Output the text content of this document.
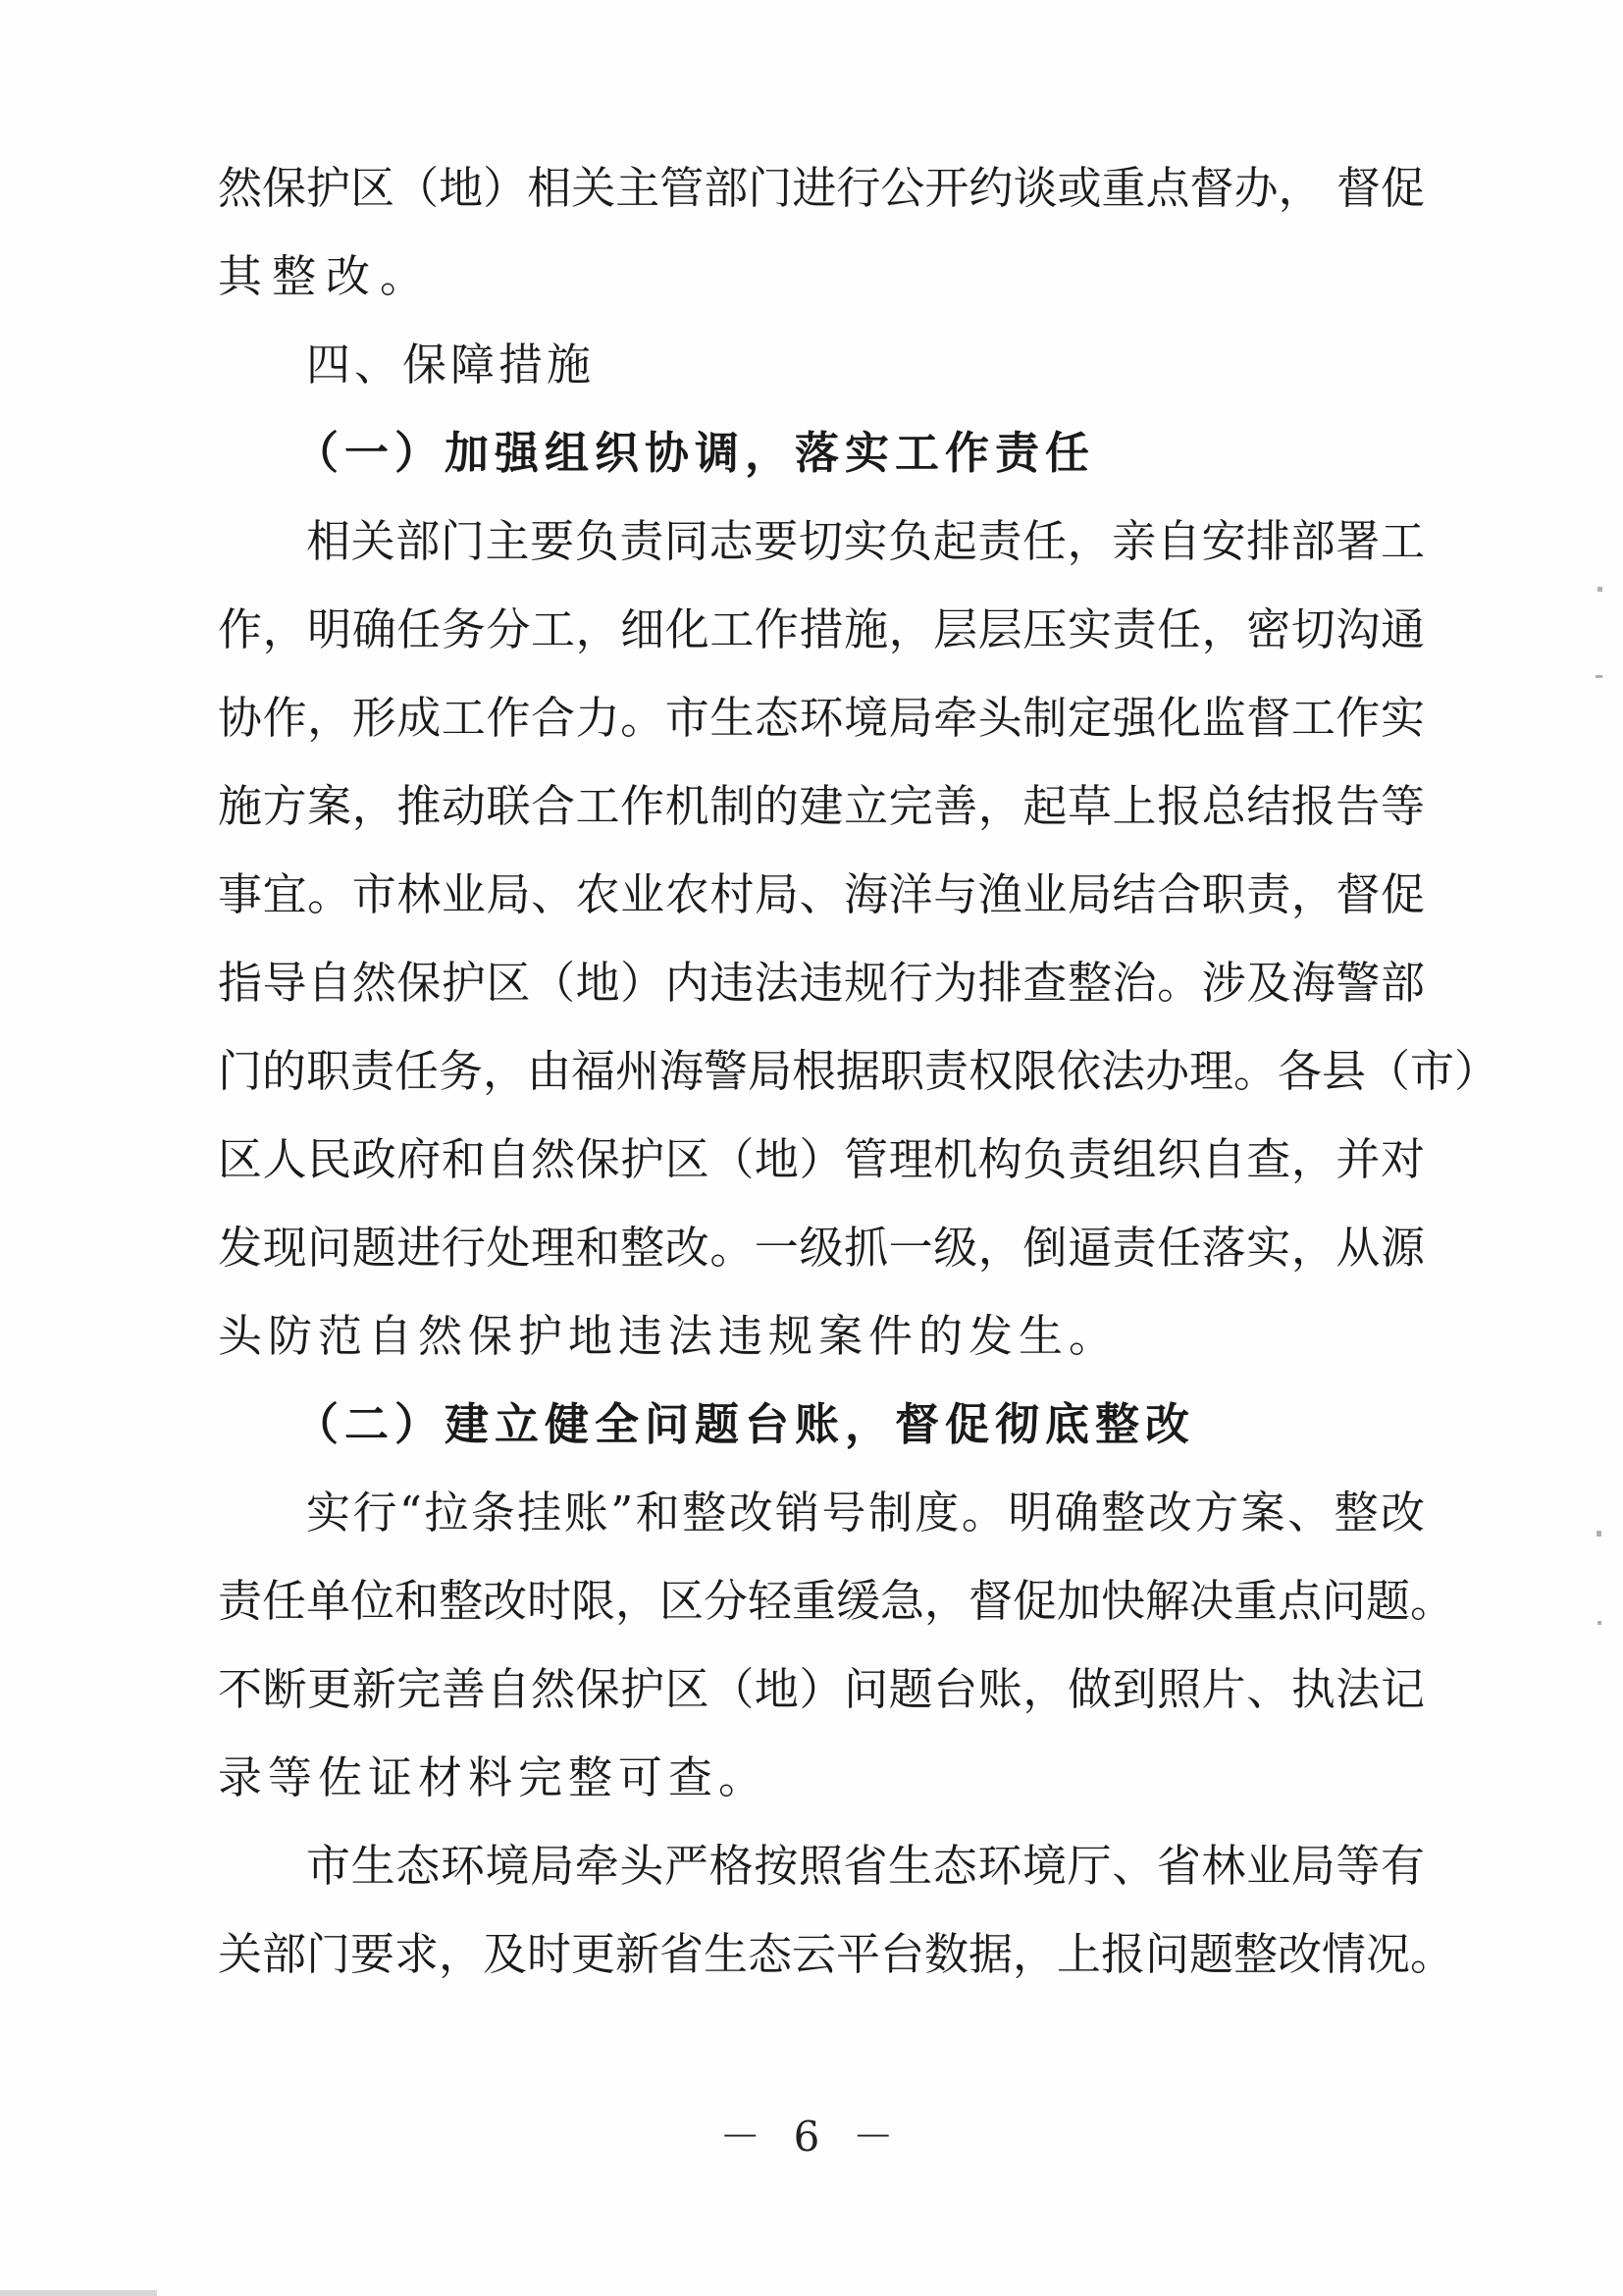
然保护区（地）相关主管部门进行公开约谈或重点督办， 督促
其整改。
四、保障措施
（一）加强组织协调，落实工作责任
相关部门主要负责同志要切实负起责任，亲自安排部署工
作，明确任务分工，细化工作措施，层层压实责任，密切沟通
协作，形成工作合力。市生态环境局牵头制定强化监督工作实
施方案，推动联合工作机制的建立完善，起草上报总结报告等
事宜。市林业局、农业农村局、海洋与渔业局结合职责，督促
指导自然保护区（地）内违法违规行为排查整治。涉及海警部
门的职责任务，由福州海警局根据职责权限依法办理。各县（市）
区人民政府和自然保护区（地）管理机构负责组织自查，并对
发现问题进行处理和整改。一级抓一级，倒逼责任落实，从源
头防范自然保护地违法违规案件的发生。
（二）建立健全问题台账，督促彻底整改
实行“拉条挂账”和整改销号制度。明确整改方案、整改
责任单位和整改时限，区分轻重缓急，督促加快解决重点问题。
不断更新完善自然保护区（地）问题台账，做到照片、执法记
录等佐证材料完整可查。
市生态环境局牵头严格按照省生态环境厅、省林业局等有
关部门要求，及时更新省生态云平台数据，上报问题整改情况。
－ 6 －
